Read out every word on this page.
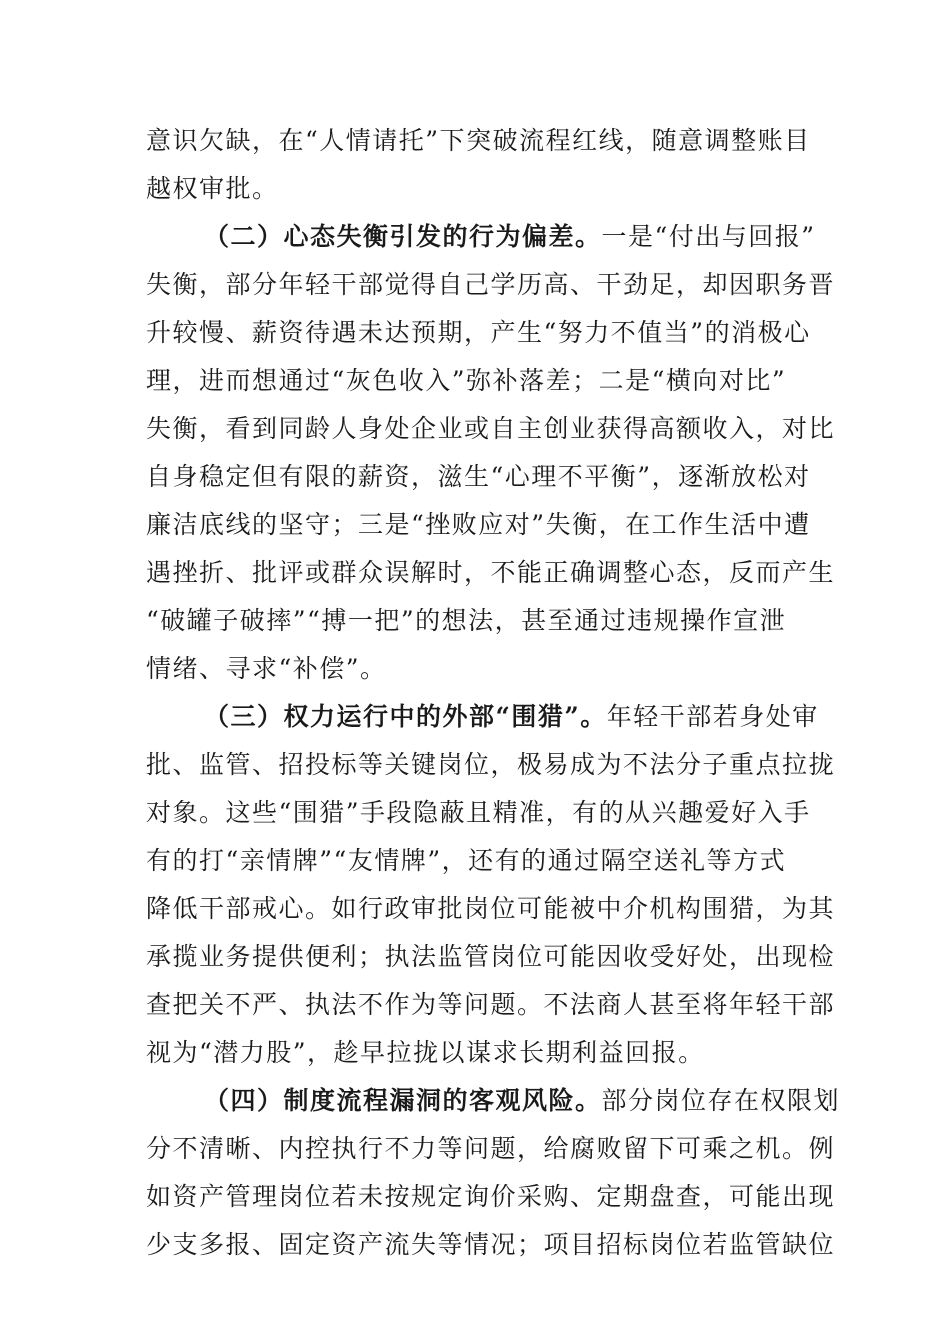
意识欠缺，在“人情请托”下突破流程红线，随意调整账目
越权审批。
（二）心态失衡引发的行为偏差。一是“付出与回报”
失衡，部分年轻干部觉得自己学历高、干劲足，却因职务晋
升较慢、薪资待遇未达预期，产生“努力不值当”的消极心
理，进而想通过“灰色收入”弥补落差；二是“横向对比”
失衡，看到同龄人身处企业或自主创业获得高额收入，对比
自身稳定但有限的薪资，滋生“心理不平衡”，逐渐放松对
廉洁底线的坚守；三是“挫败应对”失衡，在工作生活中遭
遇挫折、批评或群众误解时，不能正确调整心态，反而产生
“破罐子破摔”“搏一把”的想法，甚至通过违规操作宣泄
情绪、寻求“补偿”。
（三）权力运行中的外部“围猎”。年轻干部若身处审
批、监管、招投标等关键岗位，极易成为不法分子重点拉拢
对象。这些“围猎”手段隐蔽且精准，有的从兴趣爱好入手
有的打“亲情牌”“友情牌”，还有的通过隔空送礼等方式
降低干部戒心。如行政审批岗位可能被中介机构围猎，为其
承揽业务提供便利；执法监管岗位可能因收受好处，出现检
查把关不严、执法不作为等问题。不法商人甚至将年轻干部
视为“潜力股”，趁早拉拢以谋求长期利益回报。
（四）制度流程漏洞的客观风险。部分岗位存在权限划
分不清晰、内控执行不力等问题，给腐败留下可乘之机。例
如资产管理岗位若未按规定询价采购、定期盘查，可能出现
少支多报、固定资产流失等情况；项目招标岗位若监管缺位
